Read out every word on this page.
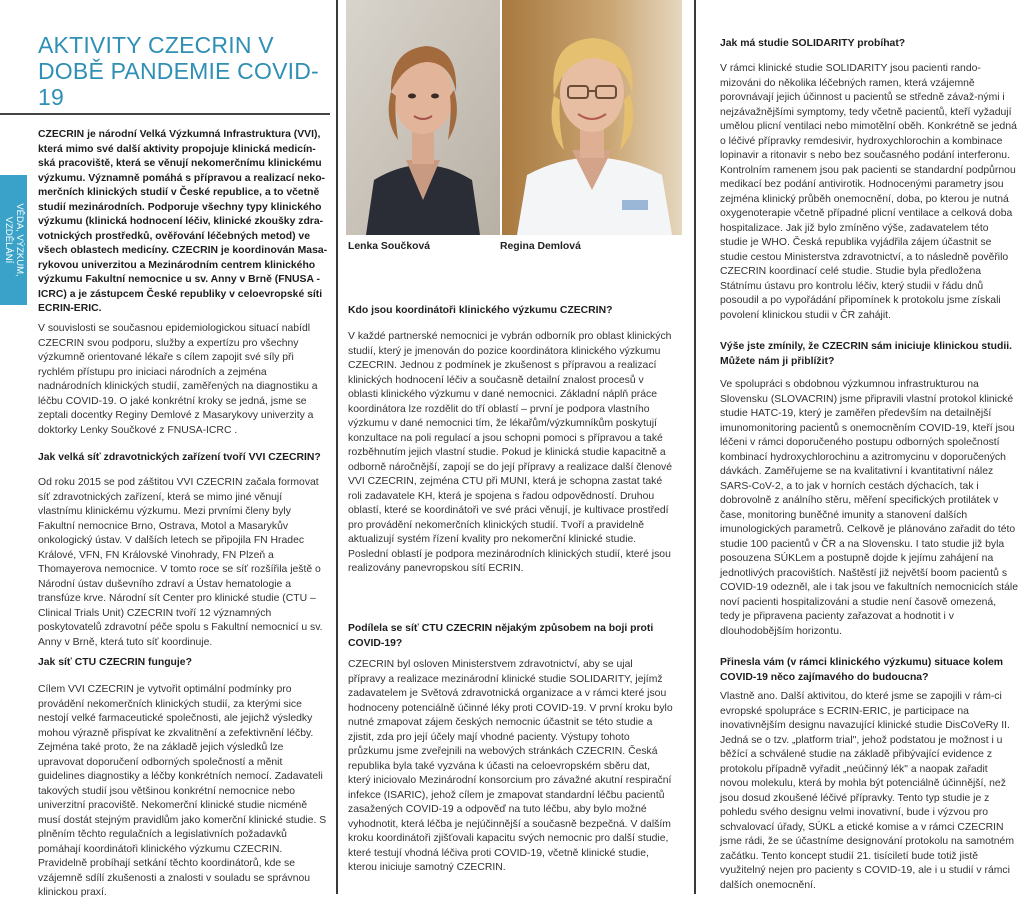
AKTIVITY CZECRIN V DOBĚ PANDEMIE COVID-19
VĚDA, VÝZKUM,
VZDĚLÁNÍ

CZECRIN je národní Velká Výzkumná Infrastruktura (VVI), která mimo své další aktivity propojuje klinická medicín-ská pracoviště, která se věnují nekomerčnímu klinickému výzkumu. Významně pomáhá s přípravou a realizací neko-merčních klinických studií v České republice, a to včetně studií mezinárodních. Podporuje všechny typy klinického výzkumu (klinická hodnocení léčiv, klinické zkoušky zdra-votnických prostředků, ověřování léčebných metod) ve všech oblastech medicíny. CZECRIN je koordinován Masa-rykovou univerzitou a Mezinárodním centrem klinického výzkumu Fakultní nemocnice u sv. Anny v Brně (FNUSA -ICRC) a je zástupcem České republiky v celoevropské síti ECRIN-ERIC.

V souvislosti se současnou epidemiologickou situací nabídl CZECRIN svou podporu, služby a expertízu pro všechny výzkumně orientované lékaře s cílem zapojit své síly při rychlém přístupu pro iniciaci národních a zejména nadnárodních klinických studií, zaměřených na diagnostiku a léčbu COVID-19. O jaké konkrétní kroky se jedná, jsme se zeptali docentky Reginy Demlové z Masarykovy univerzity a doktorky Lenky Součkové z FNUSA-ICRC .

Jak velká síť zdravotnických zařízení tvoří VVI CZECRIN?

Od roku 2015 se pod záštitou VVI CZECRIN začala formovat síť zdravotnických zařízení, která se mimo jiné věnují vlastnímu klinickému výzkumu. Mezi prvními členy byly Fakultní nemocnice Brno, Ostrava, Motol a Masarykův onkologický ústav. V dalších letech se připojila FN Hradec Králové, VFN, FN Královské Vinohrady, FN Plzeň a Thomayerova nemocnice. V tomto roce se síť rozšířila ještě o Národní ústav duševního zdraví a Ústav hematologie a transfúze krve. Národní sít Center pro klinické studie (CTU – Clinical Trials Unit) CZECRIN tvoří 12 významných poskytovatelů zdravotní péče spolu s Fakultní nemocnicí u sv. Anny v Brně, která tuto síť koordinuje.

Jak síť CTU CZECRIN funguje?

Cílem VVI CZECRIN je vytvořit optimální podmínky pro provádění nekomerčních klinických studií, za kterými sice nestojí velké farmaceutické společnosti, ale jejichž výsledky mohou výrazně přispívat ke zkvalitnění a zefektivnění léčby. Zejména také proto, že na základě jejich výsledků lze upravovat doporučení odborných společností a měnit guidelines diagnostiky a léčby konkrétních nemocí. Zadavateli takových studií jsou většinou konkrétní nemocnice nebo univerzitní pracoviště. Nekomerční klinické studie nicméně musí dostát stejným pravidlům jako komerční klinické studie. S plněním těchto regulačních a legislativních požadavků pomáhají koordinátoři klinického výzkumu CZECRIN. Pravidelně probíhají setkání těchto koordinátorů, kde se vzájemně sdílí zkušenosti a znalosti v souladu se správnou klinickou praxí.

Lenka Součková	Regina Demlová

Kdo jsou koordinátoři klinického výzkumu CZECRIN?

V každé partnerské nemocnici je vybrán odborník pro oblast klinických studií, který je jmenován do pozice koordinátora klinického výzkumu CZECRIN. Jednou z podmínek je zkušenost s přípravou a realizací klinických hodnocení léčiv a současně detailní znalost procesů v oblasti klinického výzkumu v dané nemocnici. Základní náplň práce koordinátora lze rozdělit do tří oblastí – první je podpora vlastního výzkumu v dané nemocnici tím, že lékařům/výzkumníkům poskytují konzultace na poli regulací a jsou schopni pomoci s přípravou a také rozběhnutím jejich vlastní studie. Pokud je klinická studie kapacitně a odborně náročnější, zapojí se do její přípravy a realizace další členové VVI CZECRIN, zejména CTU při MUNI, která je schopna zastat také roli zadavatele KH, která je spojena s řadou odpovědností. Druhou oblastí, které se koordinátoři ve své práci věnují, je kultivace prostředí pro provádění nekomerčních klinických studií. Tvoří a pravidelně aktualizují systém řízení kvality pro nekomerční klinické studie. Poslední oblastí je podpora mezinárodních klinických studií, které jsou realizovány panevropskou sítí ECRIN.

Podílela se síť CTU CZECRIN nějakým způsobem na boji proti COVID-19?

CZECRIN byl osloven Ministerstvem zdravotnictví, aby se ujal přípravy a realizace mezinárodní klinické studie SOLIDARITY, jejímž zadavatelem je Světová zdravotnická organizace a v rámci které jsou hodnoceny potenciálně účinné léky proti COVID-19. V první kroku bylo nutné zmapovat zájem českých nemocnic účastnit se této studie a zjistit, zda pro její účely mají vhodné pacienty. Výstupy tohoto průzkumu jsme zveřejnili na webových stránkách CZECRIN. Česká republika byla také vyzvána k účasti na celoevropském sběru dat, který iniciovalo Mezinárodní konsorcium pro závažné akutní respirační infekce (ISARIC), jehož cílem je zmapovat standardní léčbu pacientů zasažených COVID-19 a odpověď na tuto léčbu, aby bylo možné vyhodnotit, která léčba je nejúčinnější a současně bezpečná. V dalším kroku koordinátoři zjišťovali kapacitu svých nemocnic pro další studie, které testují vhodná léčiva proti COVID-19, včetně klinické studie, kterou iniciuje samotný CZECRIN.

Jak má studie SOLIDARITY probíhat?

V rámci klinické studie SOLIDARITY jsou pacienti rando-mizováni do několika léčebných ramen, která vzájemně porovnávají jejich účinnost u pacientů se středně závaž-nými i nejzávažnějšími symptomy, tedy včetně pacientů, kteří vyžadují umělou plicní ventilaci nebo mimotělní oběh. Konkrétně se jedná o léčivé přípravky remdesivir, hydroxychlorochin a kombinace lopinavir a ritonavir s nebo bez současného podání interferonu. Kontrolním ramenem jsou pak pacienti se standardní podpůrnou medikací bez podání antivirotik. Hodnocenými parametry jsou zejména klinický průběh onemocnění, doba, po kterou je nutná oxygenoterapie včetně případné plicní ventilace a celková doba hospitalizace. Jak již bylo zmíněno výše, zadavatelem této studie je WHO. Česká republika vyjádřila zájem účastnit se studie cestou Ministerstva zdravotnictví, a to následně pověřilo CZECRIN koordinací celé studie. Studie byla předložena Státnímu ústavu pro kontrolu léčiv, který studii v řádu dnů posoudil a po vypořádání připomínek k protokolu jsme získali povolení klinickou studii v ČR zahájit.

Výše jste zmínily, že CZECRIN sám iniciuje klinickou studii. Můžete nám ji přiblížit?

Ve spolupráci s obdobnou výzkumnou infrastrukturou na Slovensku (SLOVACRIN) jsme připravili vlastní protokol klinické studie HATC-19, který je zaměřen především na detailnější imunomonitoring pacientů s onemocněním COVID-19, kteří jsou léčeni v rámci doporučeného postupu odborných společností kombinací hydroxychlorochinu a azitromycinu v doporučených dávkách. Zaměřujeme se na kvalitativní i kvantitativní nález SARS-CoV-2, a to jak v horních cestách dýchacích, tak i dobrovolně z análního stěru, měření specifických protilátek v čase, monitoring buněčné imunity a stanovení dalších imunologických parametrů. Celkově je plánováno zařadit do této studie 100 pacientů v ČR a na Slovensku. I tato studie již byla posouzena SÚKLem a postupně dojde k jejímu zahájení na jednotlivých pracovištích. Naštěstí již největší boom pacientů s COVID-19 odezněl, ale i tak jsou ve fakultních nemocnicích stále noví pacienti hospitalizováni a studie není časově omezená, tedy je připravena pacienty zařazovat a hodnotit i v dlouhodobějším horizontu.

Přinesla vám (v rámci klinického výzkumu) situace kolem COVID-19 něco zajímavého do budoucna?

Vlastně ano. Další aktivitou, do které jsme se zapojili v rám-ci evropské spolupráce s ECRIN-ERIC, je participace na inovativnějším designu navazující klinické studie DisCoVeRy II. Jedná se o tzv. „platform trial", jehož podstatou je možnost i u běžící a schválené studie na základě přibývající evidence z protokolu případně vyřadit „neúčinný lék" a naopak zařadit novou molekulu, která by mohla být potenciálně účinnější, než jsou dosud zkoušené léčivé přípravky. Tento typ studie je z pohledu svého designu velmi inovativní, bude i výzvou pro schvalovací úřady, SÚKL a etické komise a v rámci CZECRIN jsme rádi, že se účastníme designování protokolu na samotném začátku. Tento koncept studií 21. tisíciletí bude totiž jistě využitelný nejen pro pacienty s COVID-19, ale i u studií v rámci dalších onemocnění.
